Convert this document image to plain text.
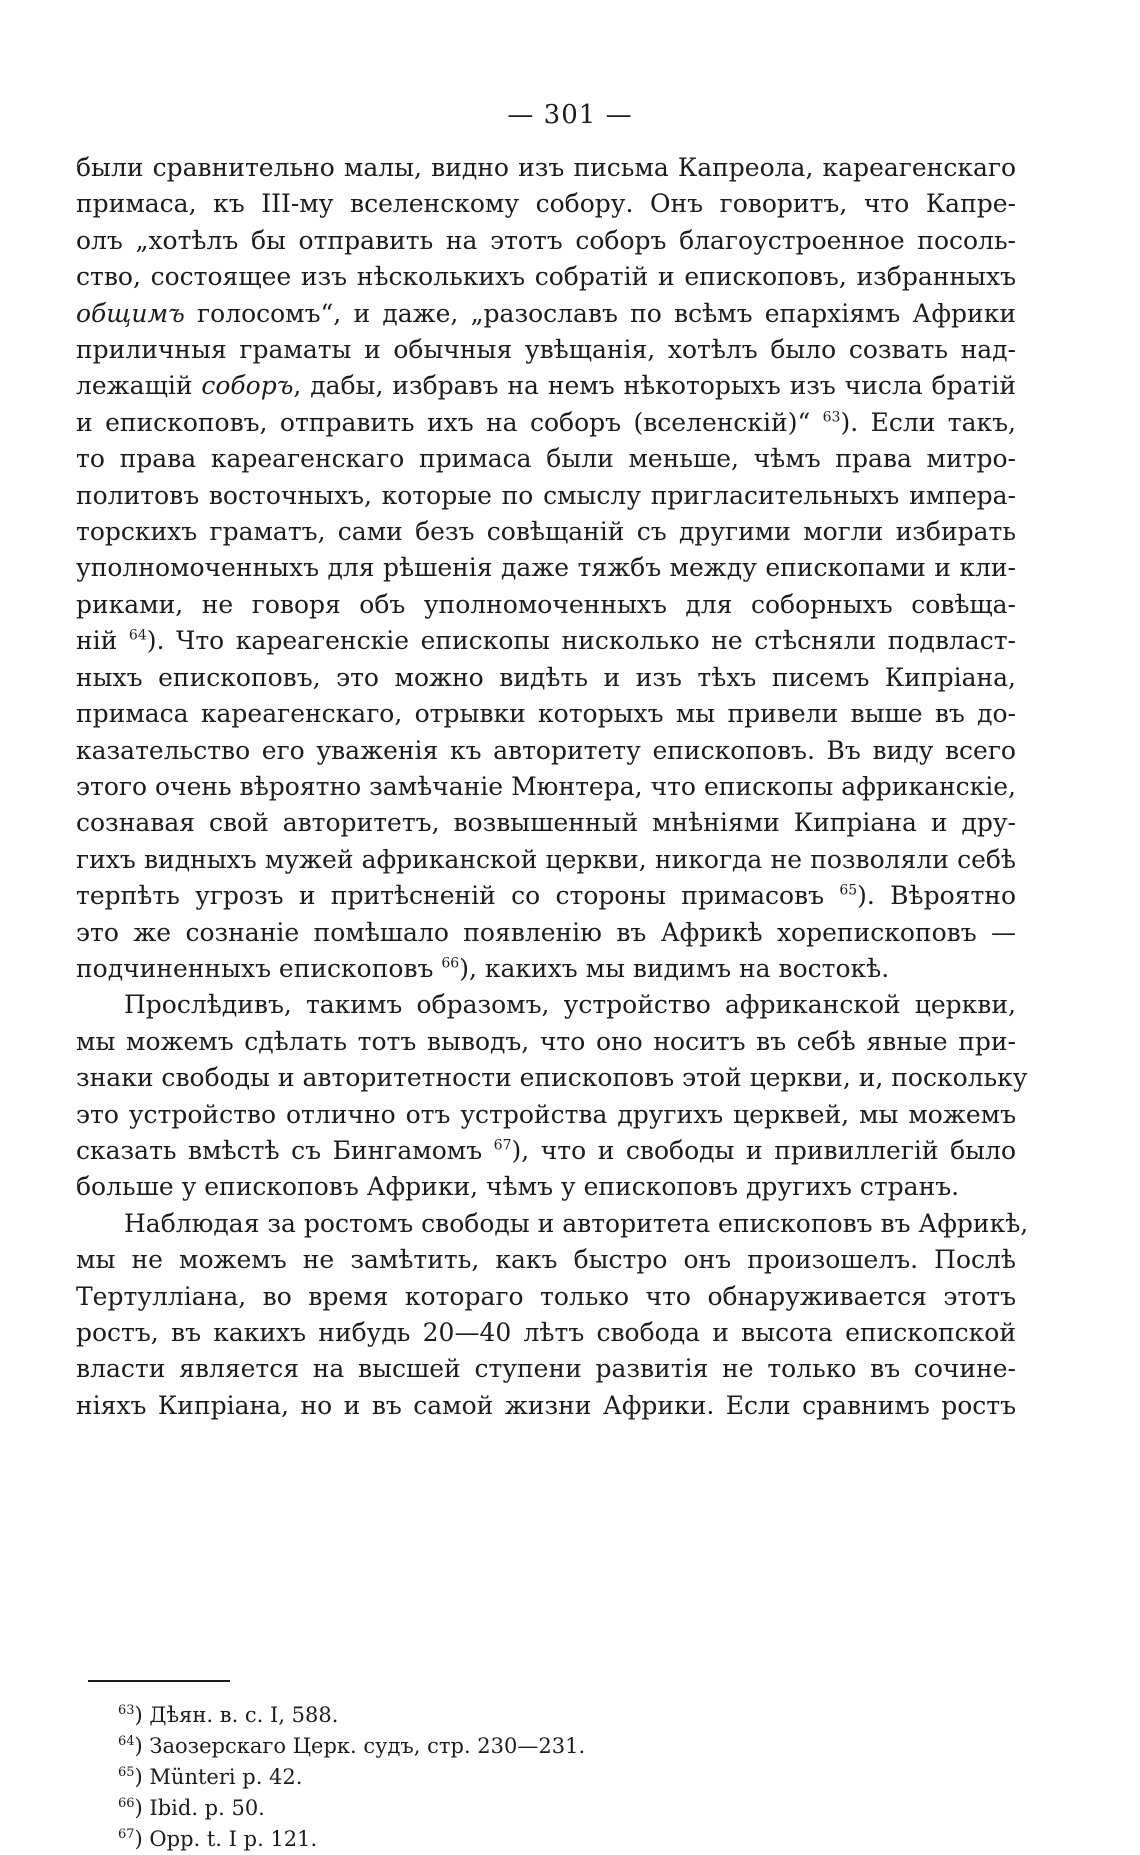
— 301 —
были сравнительно малы, видно изъ письма Капреола, кареагенскаго
примаса, къ III-му вселенскому собору. Онъ говоритъ, что Капре-
олъ „хотѣлъ бы отправить на этотъ соборъ благоустроенное посоль-
ство, состоящее изъ нѣсколькихъ собратій и епископовъ, избранныхъ
общимъ голосомъ“, и даже, „разославъ по всѣмъ епархіямъ Африки
приличныя граматы и обычныя увѣщанія, хотѣлъ было созвать над-
лежащій соборъ, дабы, избравъ на немъ нѣкоторыхъ изъ числа братій
и епископовъ, отправить ихъ на соборъ (вселенскій)“ $^{63}$). Если такъ,
то права кареагенскаго примаса были меньше, чѣмъ права митро-
политовъ восточныхъ, которые по смыслу пригласительныхъ импера-
торскихъ граматъ, сами безъ совѣщаній съ другими могли избирать
уполномоченныхъ для рѣшенія даже тяжбъ между епископами и кли-
риками, не говоря объ уполномоченныхъ для соборныхъ совѣща-
ній $^{64}$). Что кареагенскіе епископы нисколько не стѣсняли подвласт-
ныхъ епископовъ, это можно видѣть и изъ тѣхъ писемъ Кипріана,
примаса кареагенскаго, отрывки которыхъ мы привели выше въ до-
казательство его уваженія къ авторитету епископовъ. Въ виду всего
этого очень вѣроятно замѣчаніе Мюнтера, что епископы африканскіе,
сознавая свой авторитетъ, возвышенный мнѣніями Кипріана и дру-
гихъ видныхъ мужей африканской церкви, никогда не позволяли себѣ
терпѣть угрозъ и притѣсненій со стороны примасовъ $^{65}$). Вѣроятно
это же сознаніе помѣшало появленію въ Африкѣ хорепископовъ —
подчиненныхъ епископовъ $^{66}$), какихъ мы видимъ на востокѣ.
Прослѣдивъ, такимъ образомъ, устройство африканской церкви,
мы можемъ сдѣлать тотъ выводъ, что оно носитъ въ себѣ явные при-
знаки свободы и авторитетности епископовъ этой церкви, и, поскольку
это устройство отлично отъ устройства другихъ церквей, мы можемъ
сказать вмѣстѣ съ Бингамомъ $^{67}$), что и свободы и привиллегій было
больше у епископовъ Африки, чѣмъ у епископовъ другихъ странъ.
Наблюдая за ростомъ свободы и авторитета епископовъ въ Африкѣ,
мы не можемъ не замѣтить, какъ быстро онъ произошелъ. Послѣ
Тертулліана, во время котораго только что обнаруживается этотъ
ростъ, въ какихъ нибудь 20—40 лѣтъ свобода и высота епископской
власти является на высшей ступени развитія не только въ сочине-
ніяхъ Кипріана, но и въ самой жизни Африки. Если сравнимъ ростъ
$^{63}$) Дѣян. в. с. I, 588.
$^{64}$) Заозерскаго Церк. судъ, стр. 230—231.
$^{65}$) Münteri p. 42.
$^{66}$) Ibid. p. 50.
$^{67}$) Opp. t. I p. 121.
